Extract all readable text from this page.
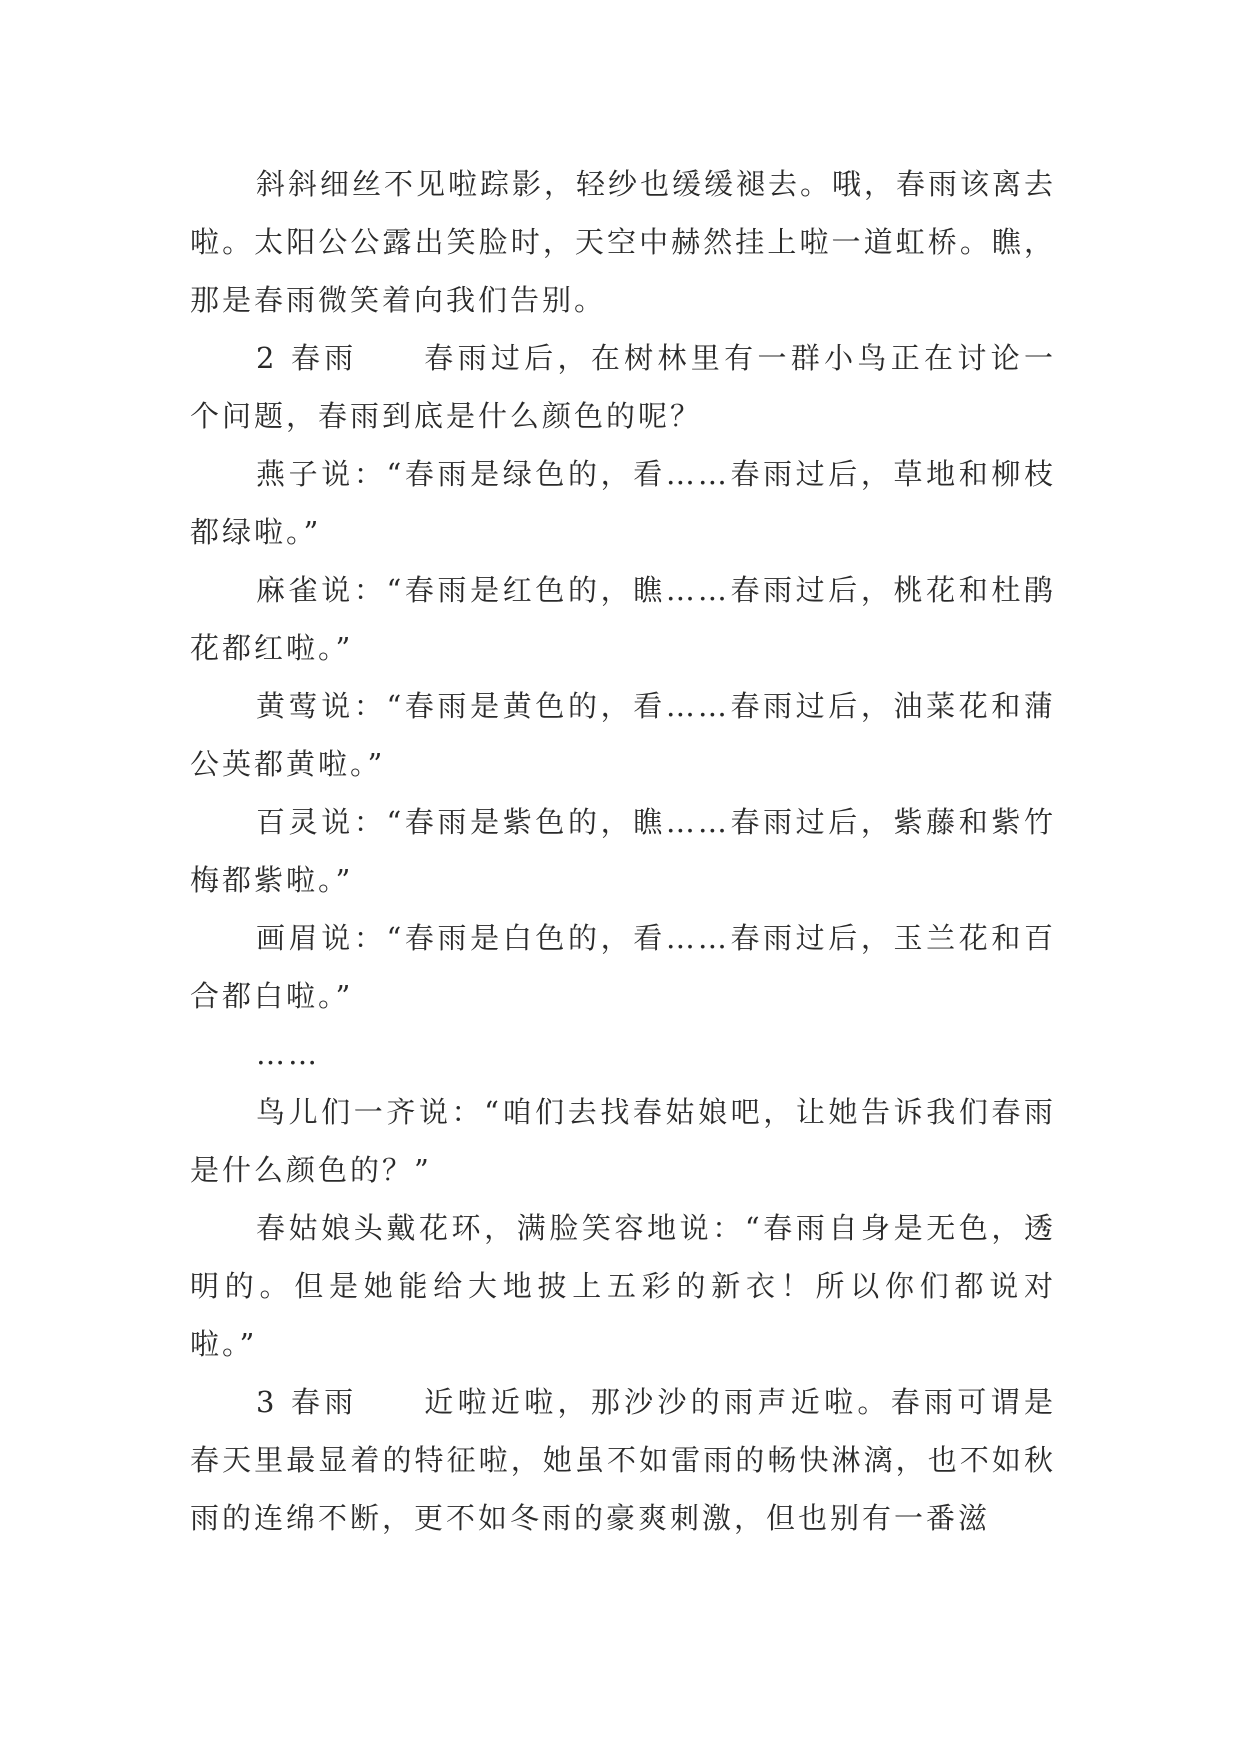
斜斜细丝不见啦踪影，轻纱也缓缓褪去。哦，春雨该离去啦。太阳公公露出笑脸时，天空中赫然挂上啦一道虹桥。瞧，那是春雨微笑着向我们告别。

2 春雨　　春雨过后，在树林里有一群小鸟正在讨论一个问题，春雨到底是什么颜色的呢？

燕子说：“春雨是绿色的，看……春雨过后，草地和柳枝都绿啦。”

麻雀说：“春雨是红色的，瞧……春雨过后，桃花和杜鹃花都红啦。”

黄莺说：“春雨是黄色的，看……春雨过后，油菜花和蒲公英都黄啦。”

百灵说：“春雨是紫色的，瞧……春雨过后，紫藤和紫竹梅都紫啦。”

画眉说：“春雨是白色的，看……春雨过后，玉兰花和百合都白啦。”

……

鸟儿们一齐说：“咱们去找春姑娘吧，让她告诉我们春雨是什么颜色的？”

春姑娘头戴花环，满脸笑容地说：“春雨自身是无色，透明的。但是她能给大地披上五彩的新衣！所以你们都说对啦。”

3 春雨　　近啦近啦，那沙沙的雨声近啦。春雨可谓是春天里最显着的特征啦，她虽不如雷雨的畅快淋漓，也不如秋雨的连绵不断，更不如冬雨的豪爽刺激，但也别有一番滋
